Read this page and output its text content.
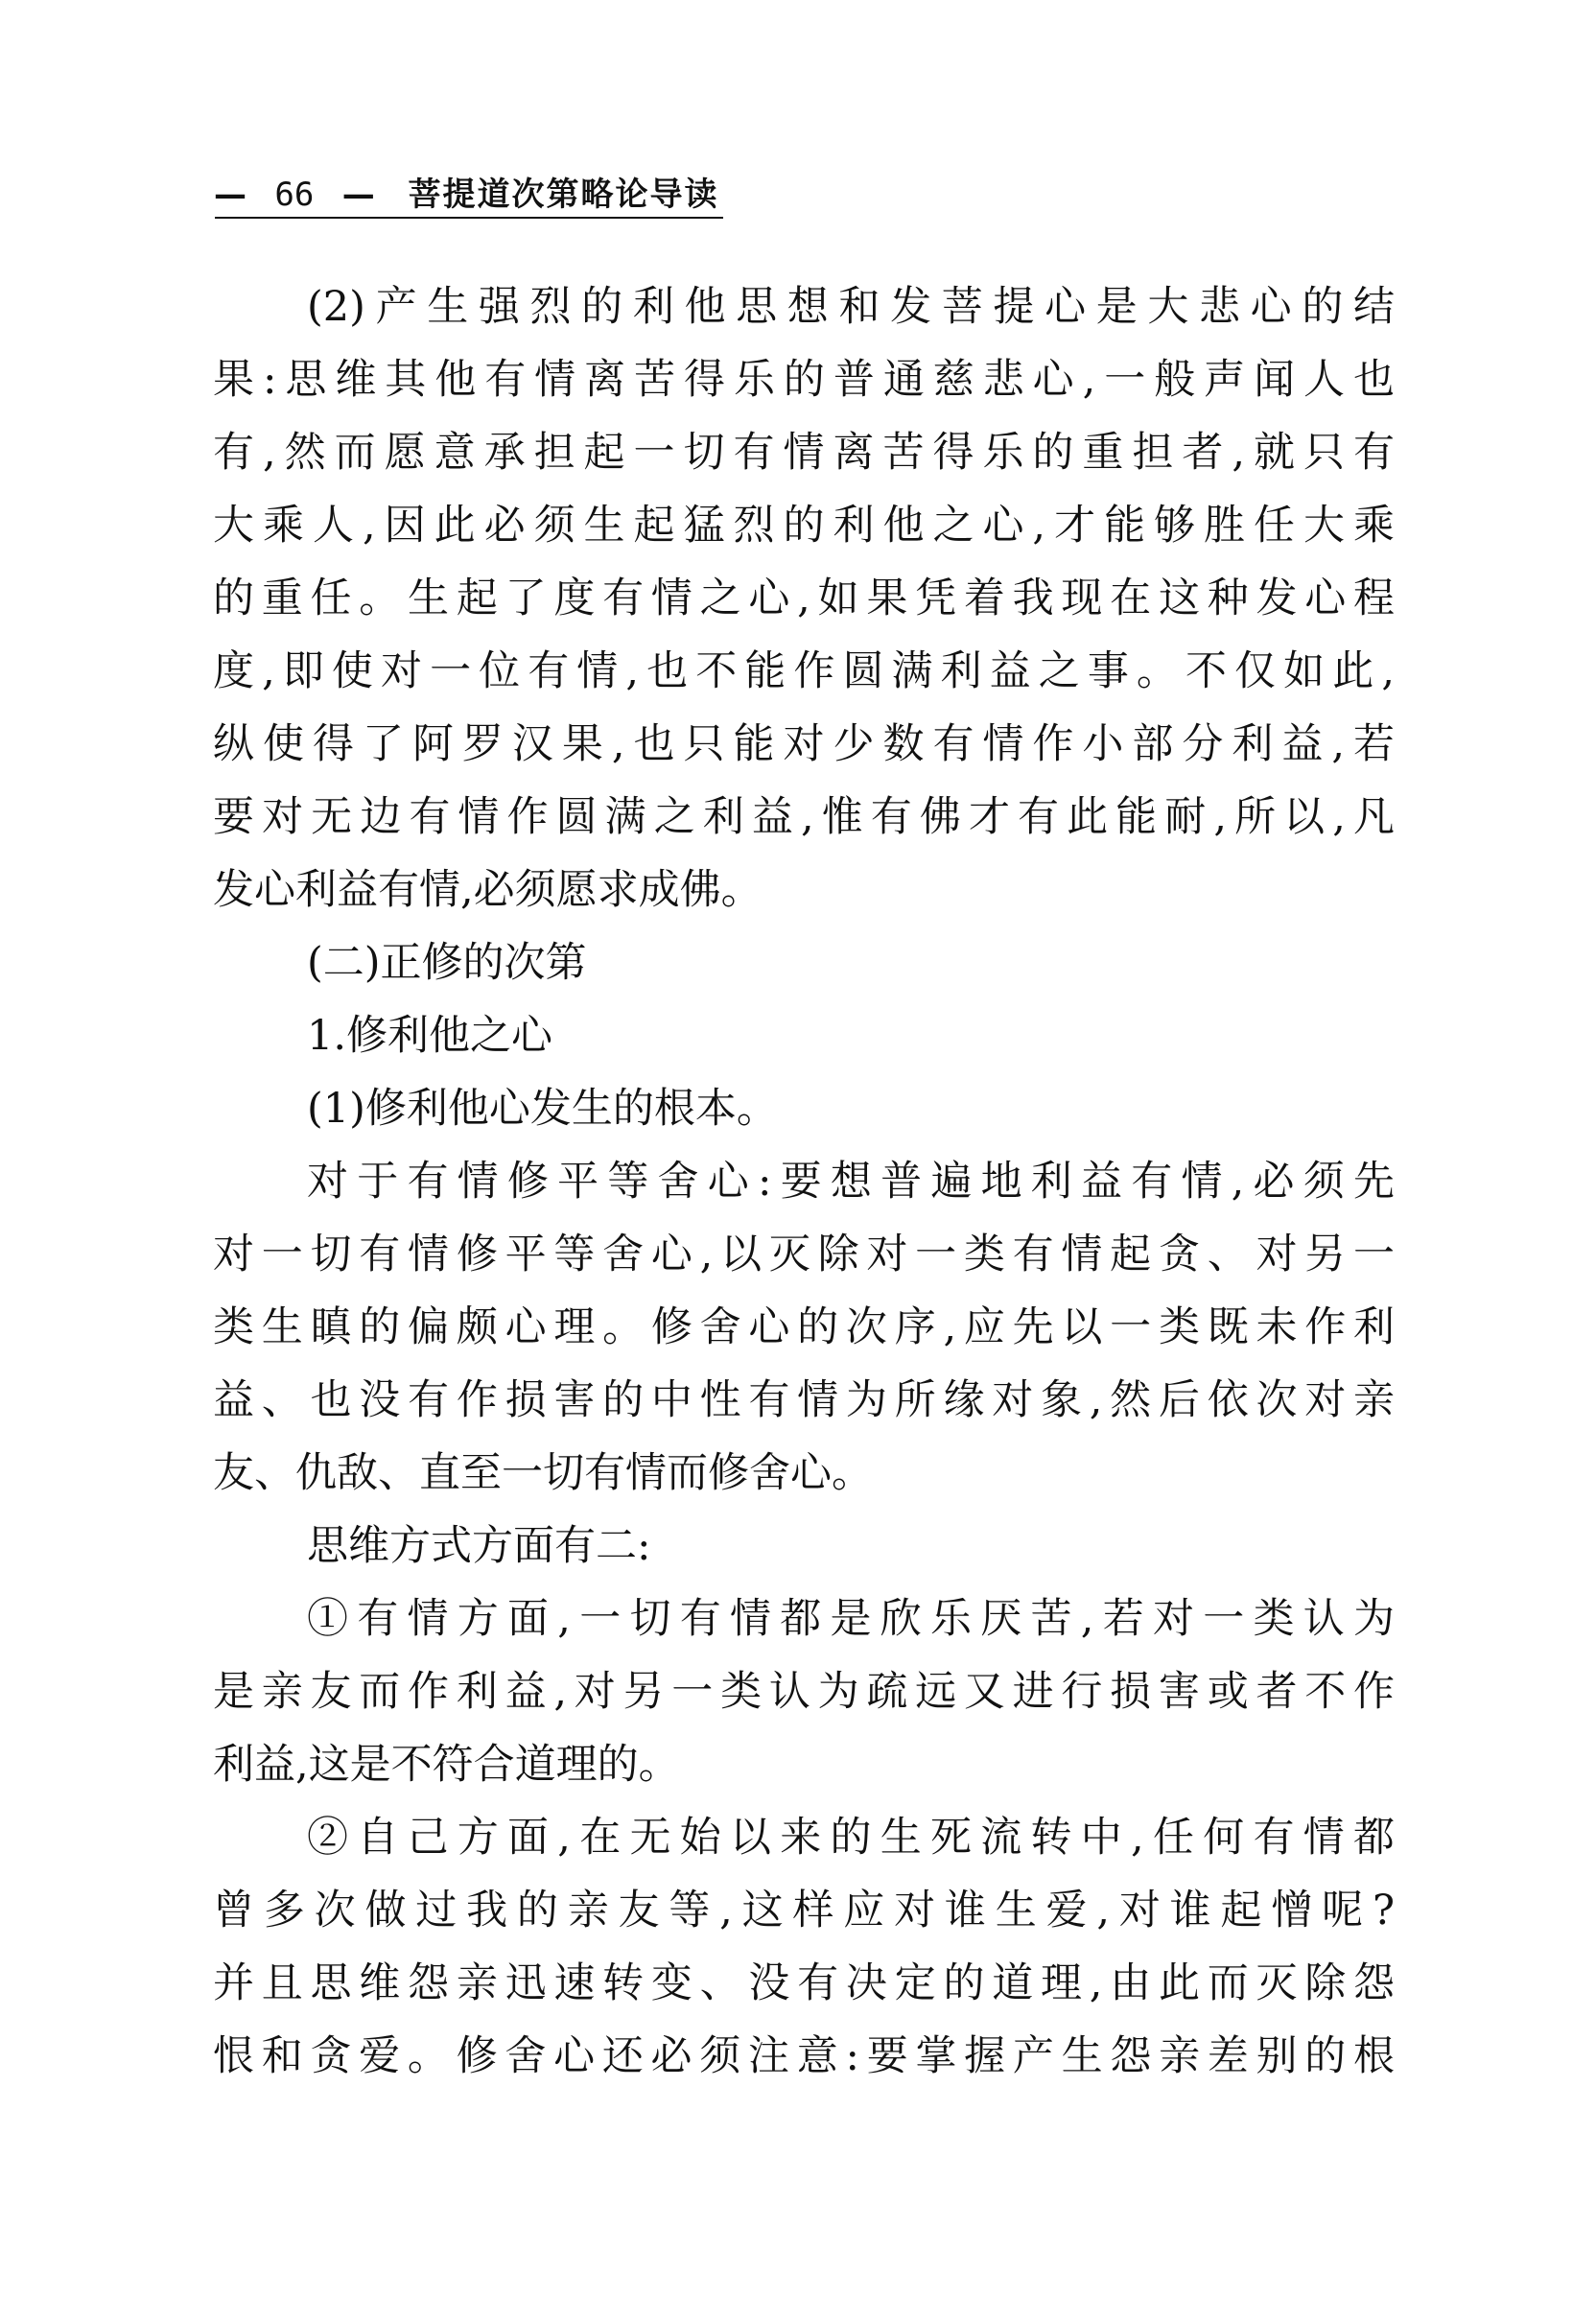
— 66 — 菩提道次第略论导读
(2)产生强烈的利他思想和发菩提心是大悲心的结
果:思维其他有情离苦得乐的普通慈悲心,一般声闻人也
有,然而愿意承担起一切有情离苦得乐的重担者,就只有
大乘人,因此必须生起猛烈的利他之心,才能够胜任大乘
的重任。生起了度有情之心,如果凭着我现在这种发心程
度,即使对一位有情,也不能作圆满利益之事。不仅如此,
纵使得了阿罗汉果,也只能对少数有情作小部分利益,若
要对无边有情作圆满之利益,惟有佛才有此能耐,所以,凡
发心利益有情,必须愿求成佛。
(二)正修的次第
1.修利他之心
(1)修利他心发生的根本。
对于有情修平等舍心:要想普遍地利益有情,必须先
对一切有情修平等舍心,以灭除对一类有情起贪、对另一
类生瞋的偏颇心理。修舍心的次序,应先以一类既未作利
益、也没有作损害的中性有情为所缘对象,然后依次对亲
友、仇敌、直至一切有情而修舍心。
思维方式方面有二:
①有情方面,一切有情都是欣乐厌苦,若对一类认为
是亲友而作利益,对另一类认为疏远又进行损害或者不作
利益,这是不符合道理的。
②自己方面,在无始以来的生死流转中,任何有情都
曾多次做过我的亲友等,这样应对谁生爱,对谁起憎呢?
并且思维怨亲迅速转变、没有决定的道理,由此而灭除怨
恨和贪爱。修舍心还必须注意:要掌握产生怨亲差别的根
